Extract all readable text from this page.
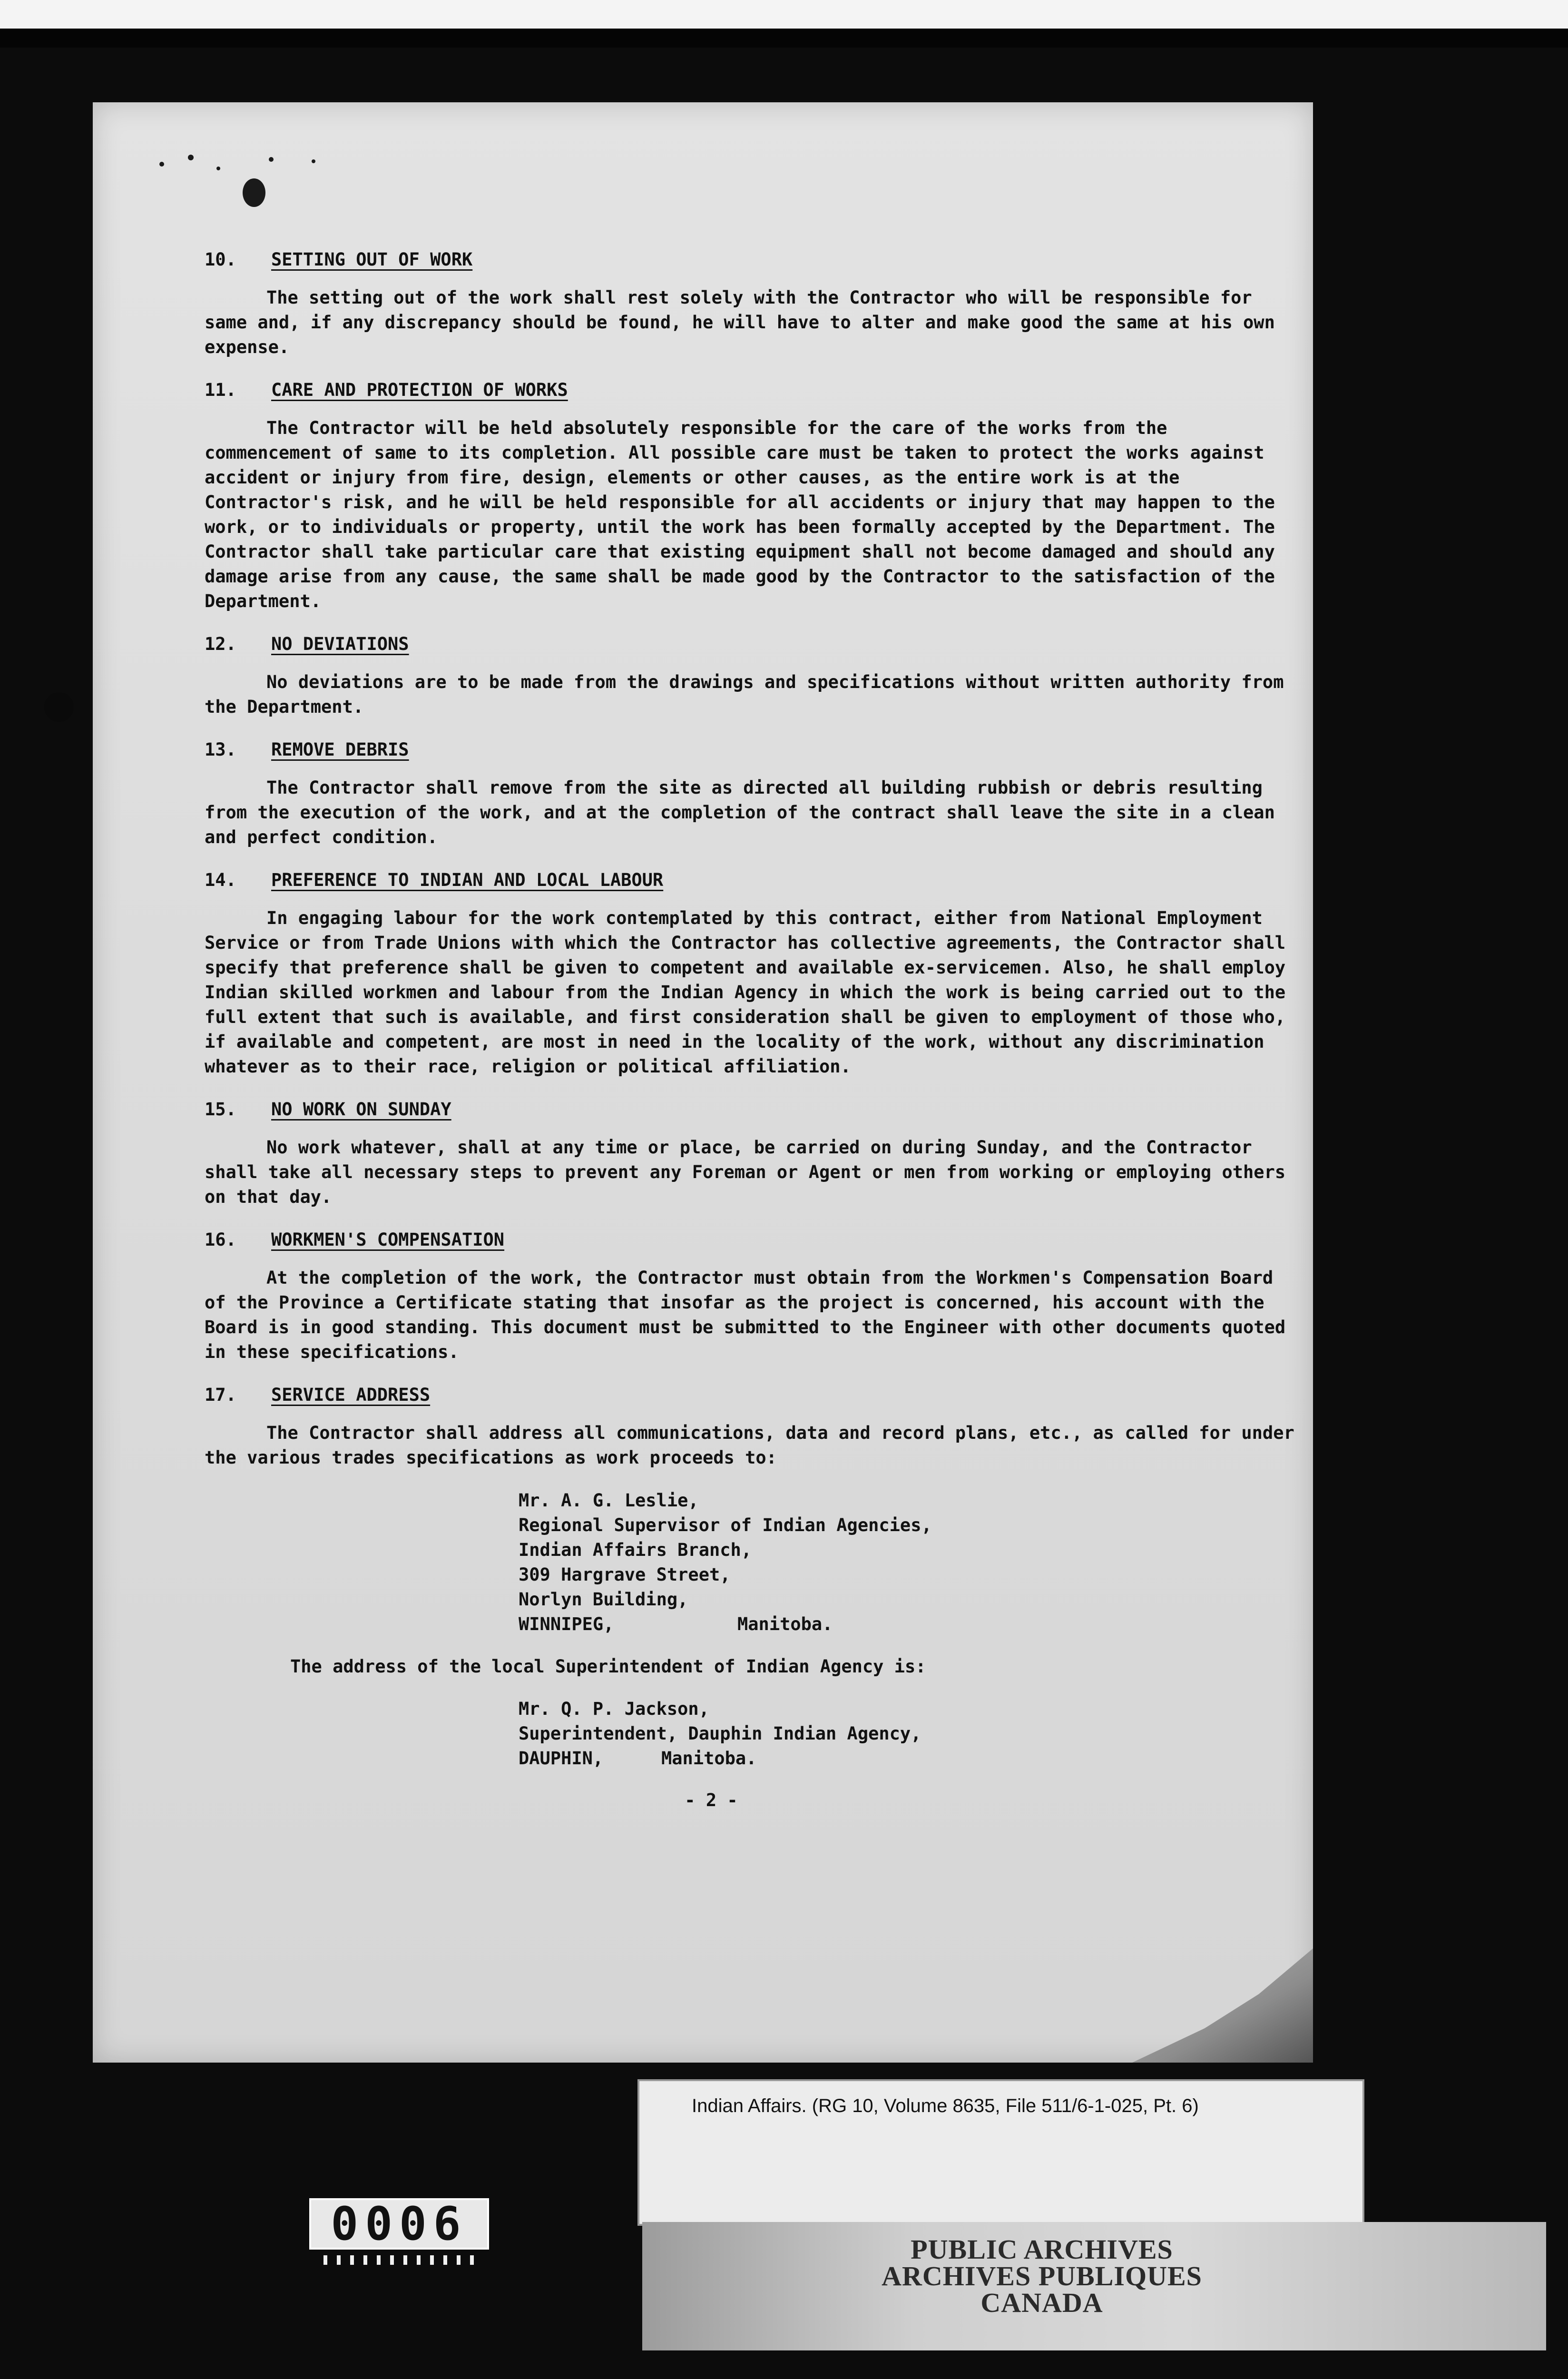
10.	SETTING OUT OF WORK

The setting out of the work shall rest solely with the Contractor who will be responsible for same and, if any discrepancy should be found, he will have to alter and make good the same at his own expense.

11.	CARE AND PROTECTION OF WORKS

The Contractor will be held absolutely responsible for the care of the works from the commencement of same to its completion. All possible care must be taken to protect the works against accident or injury from fire, design, elements or other causes, as the entire work is at the Contractor's risk, and he will be held responsible for all accidents or injury that may happen to the work, or to individuals or property, until the work has been formally accepted by the Department. The Contractor shall take particular care that existing equipment shall not become damaged and should any damage arise from any cause, the same shall be made good by the Contractor to the satisfaction of the Department.

12.	NO DEVIATIONS

No deviations are to be made from the drawings and specifications without written authority from the Department.

13.	REMOVE DEBRIS

The Contractor shall remove from the site as directed all building rubbish or debris resulting from the execution of the work, and at the completion of the contract shall leave the site in a clean and perfect condition.

14.	PREFERENCE TO INDIAN AND LOCAL LABOUR

In engaging labour for the work contemplated by this contract, either from National Employment Service or from Trade Unions with which the Contractor has collective agreements, the Contractor shall specify that preference shall be given to competent and available ex-servicemen. Also, he shall employ Indian skilled workmen and labour from the Indian Agency in which the work is being carried out to the full extent that such is available, and first consideration shall be given to employment of those who, if available and competent, are most in need in the locality of the work, without any discrimination whatever as to their race, religion or political affiliation.

15.	NO WORK ON SUNDAY

No work whatever, shall at any time or place, be carried on during Sunday, and the Contractor shall take all necessary steps to prevent any Foreman or Agent or men from working or employing others on that day.

16.	WORKMEN'S COMPENSATION

At the completion of the work, the Contractor must obtain from the Workmen's Compensation Board of the Province a Certificate stating that insofar as the project is concerned, his account with the Board is in good standing. This document must be submitted to the Engineer with other documents quoted in these specifications.

17.	SERVICE ADDRESS

The Contractor shall address all communications, data and record plans, etc., as called for under the various trades specifications as work proceeds to:

Mr. A. G. Leslie,
Regional Supervisor of Indian Agencies,
Indian Affairs Branch,
309 Hargrave Street,
Norlyn Building,
WINNIPEG,	Manitoba.

The address of the local Superintendent of Indian Agency is:

Mr. Q. P. Jackson,
Superintendent, Dauphin Indian Agency,
DAUPHIN,	Manitoba.
- 2 -
Indian Affairs. (RG 10, Volume 8635, File 511/6-1-025, Pt. 6)
PUBLIC ARCHIVES
ARCHIVES PUBLIQUES
CANADA
0006
